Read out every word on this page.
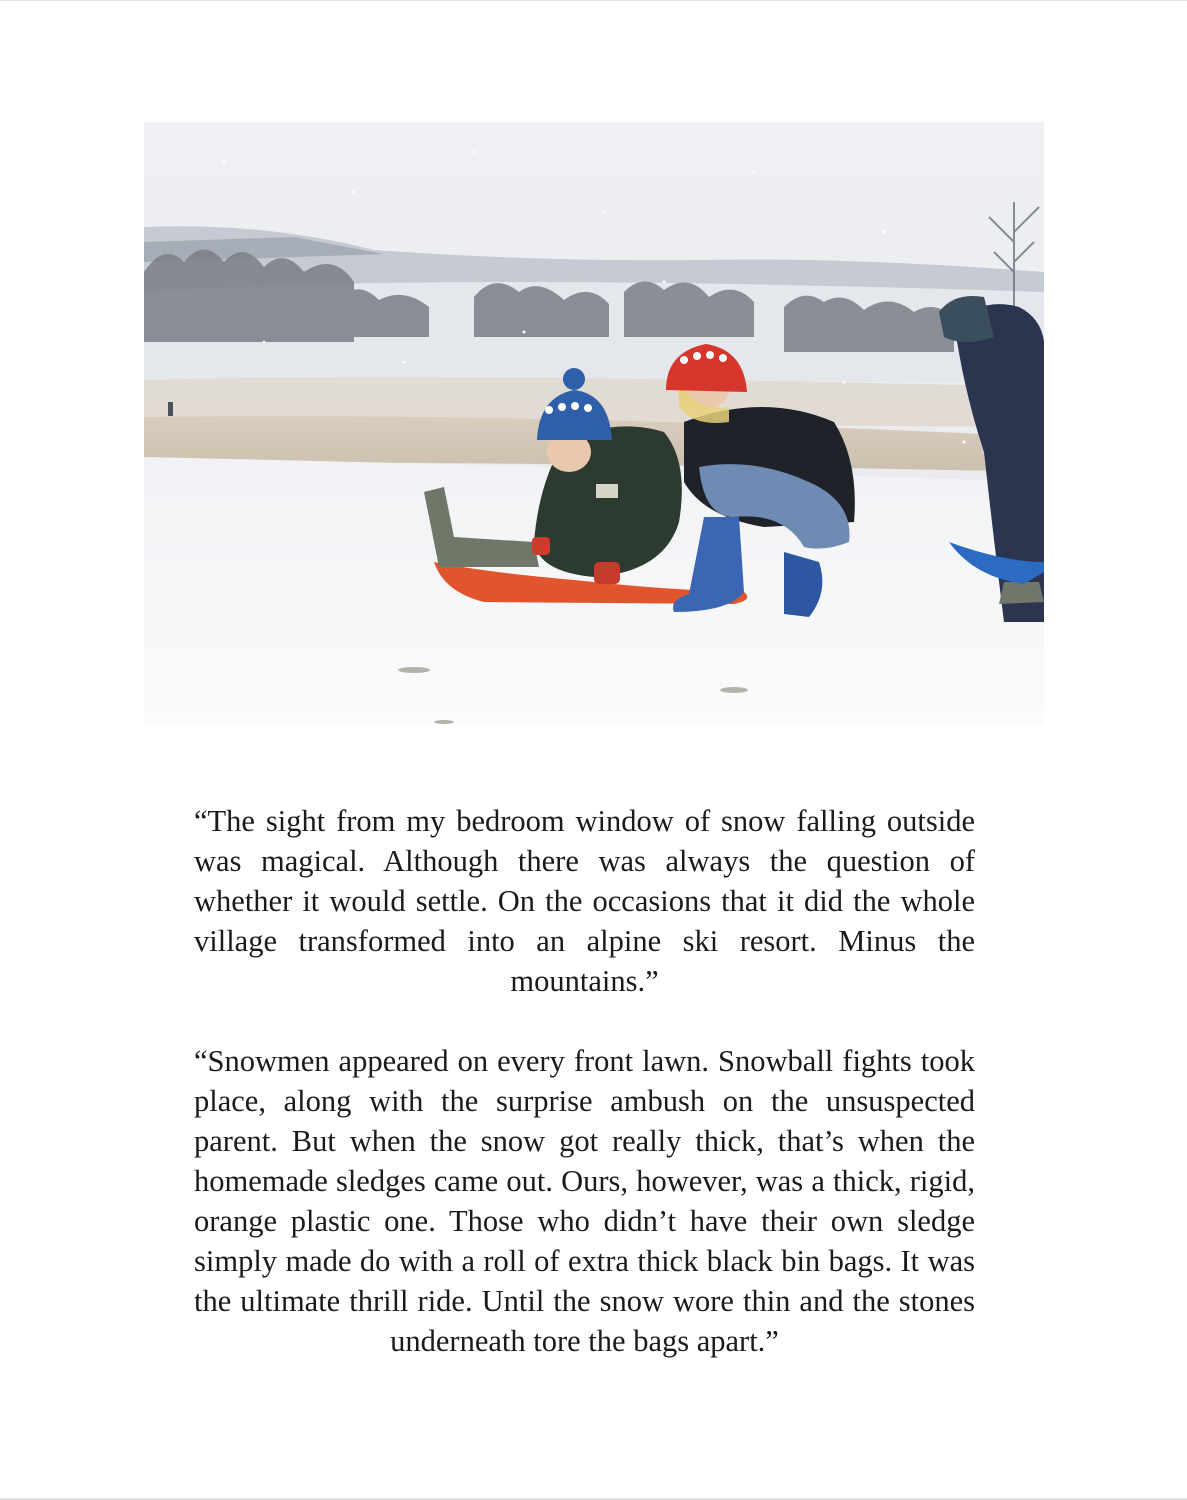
“The sight from my bedroom window of snow falling outside was magical. Although there was always the question of whether it would settle. On the occasions that it did the whole village transformed into an alpine ski resort. Minus the mountains.”

“Snowmen appeared on every front lawn. Snowball fights took place, along with the surprise ambush on the unsuspected parent. But when the snow got really thick, that’s when the homemade sledges came out. Ours, however, was a thick, rigid, orange plastic one. Those who didn’t have their own sledge simply made do with a roll of extra thick black bin bags. It was the ultimate thrill ride. Until the snow wore thin and the stones underneath tore the bags apart.”
